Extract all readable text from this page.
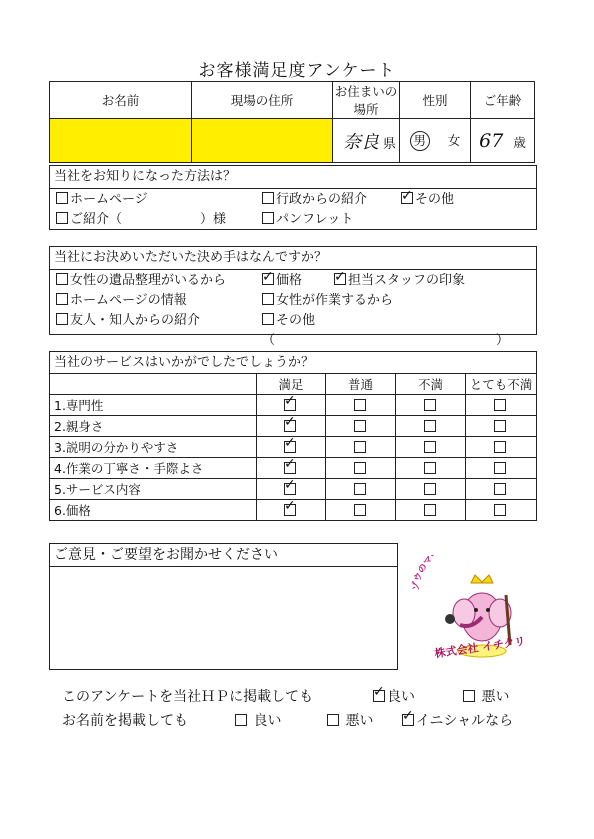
お客様満足度アンケート
お名前	現場の住所	お住まいの場所	性別	ご年齢
		奈良 県	男 女	67 歳
当社をお知りになった方法は？
ホームページ	行政からの紹介 ✓	その他
ご紹介（　　　　　　）様	パンフレット
当社にお決めいただいた決め手はなんですか？
女性の遺品整理がいるから ✓	価格 ✓	担当スタッフの印象
ホームページの情報	女性が作業するから
友人・知人からの紹介	その他（　　　　　　　　　　　　　　　　　）
当社のサービスはいかがでしたでしょうか？
	満足	普通	不満	とても不満
1.専門性	✓			
2.親身さ	✓			
3.説明の分かりやすさ	✓			
4.作業の丁寧さ・手際よさ	✓			
5.サービス内容	✓			
6.価格	✓			
ご意見・ご要望をお聞かせください
ゾウのマ
株式会社 イチクリ
このアンケートを当社ＨＰに掲載しても ✓	良い	悪い
お名前を掲載しても	良い	悪い ✓	イニシャルなら
